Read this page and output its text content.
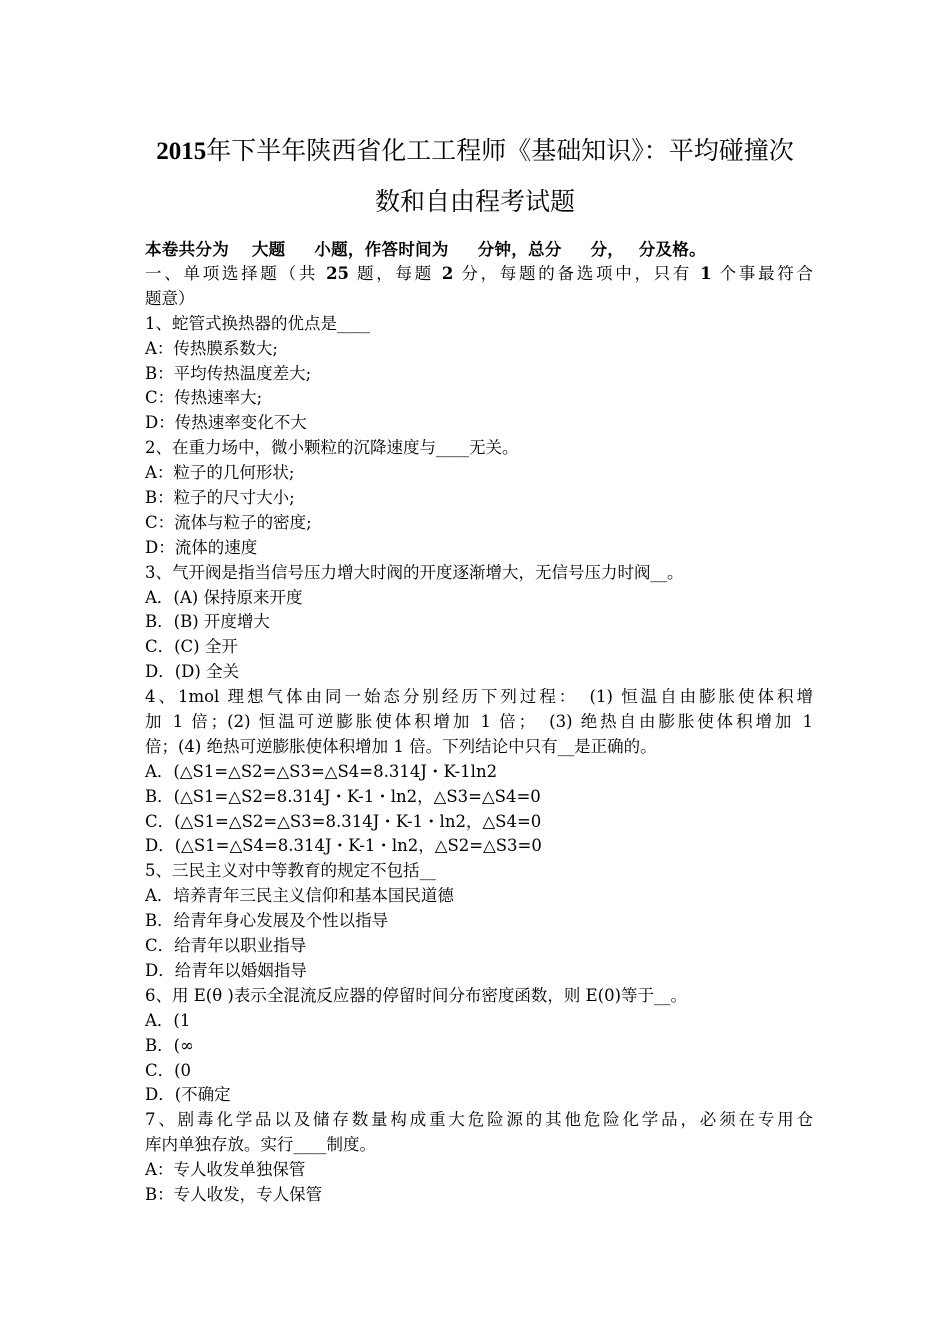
2015年下半年陕西省化工工程师《基础知识》：平均碰撞次
数和自由程考试题
本卷共分为 　大题 　 小题，作答时间为 　 分钟，总分 　 分，　 分及格。
一、单项选择题（共 25 题，每题 2 分，每题的备选项中，只有 1 个事最符合
题意）
1、蛇管式换热器的优点是____
A：传热膜系数大;
B：平均传热温度差大;
C：传热速率大;
D：传热速率变化不大
2、在重力场中，微小颗粒的沉降速度与____无关。
A：粒子的几何形状;
B：粒子的尺寸大小;
C：流体与粒子的密度;
D：流体的速度
3、气开阀是指当信号压力增大时阀的开度逐渐增大，无信号压力时阀__。
A．(A) 保持原来开度
B．(B) 开度增大
C．(C) 全开
D．(D) 全关
4、1mol 理想气体由同一始态分别经历下列过程：　(1) 恒温自由膨胀使体积增
加 1 倍；(2) 恒温可逆膨胀使体积增加 1 倍；　(3) 绝热自由膨胀使体积增加 1
倍；(4) 绝热可逆膨胀使体积增加 1 倍。下列结论中只有__是正确的。
A．(△S1=△S2=△S3=△S4=8.314J・K-1ln2
B．(△S1=△S2=8.314J・K-1・ln2，△S3=△S4=0
C．(△S1=△S2=△S3=8.314J・K-1・ln2，△S4=0
D．(△S1=△S4=8.314J・K-1・ln2，△S2=△S3=0
5、三民主义对中等教育的规定不包括__
A．培养青年三民主义信仰和基本国民道德
B．给青年身心发展及个性以指导
C．给青年以职业指导
D．给青年以婚姻指导
6、用 E(θ )表示全混流反应器的停留时间分布密度函数，则 E(0)等于__。
A．(1
B．(∞
C．(0
D．(不确定
7、剧毒化学品以及储存数量构成重大危险源的其他危险化学品，必须在专用仓
库内单独存放。实行____制度。
A：专人收发单独保管
B：专人收发，专人保管
